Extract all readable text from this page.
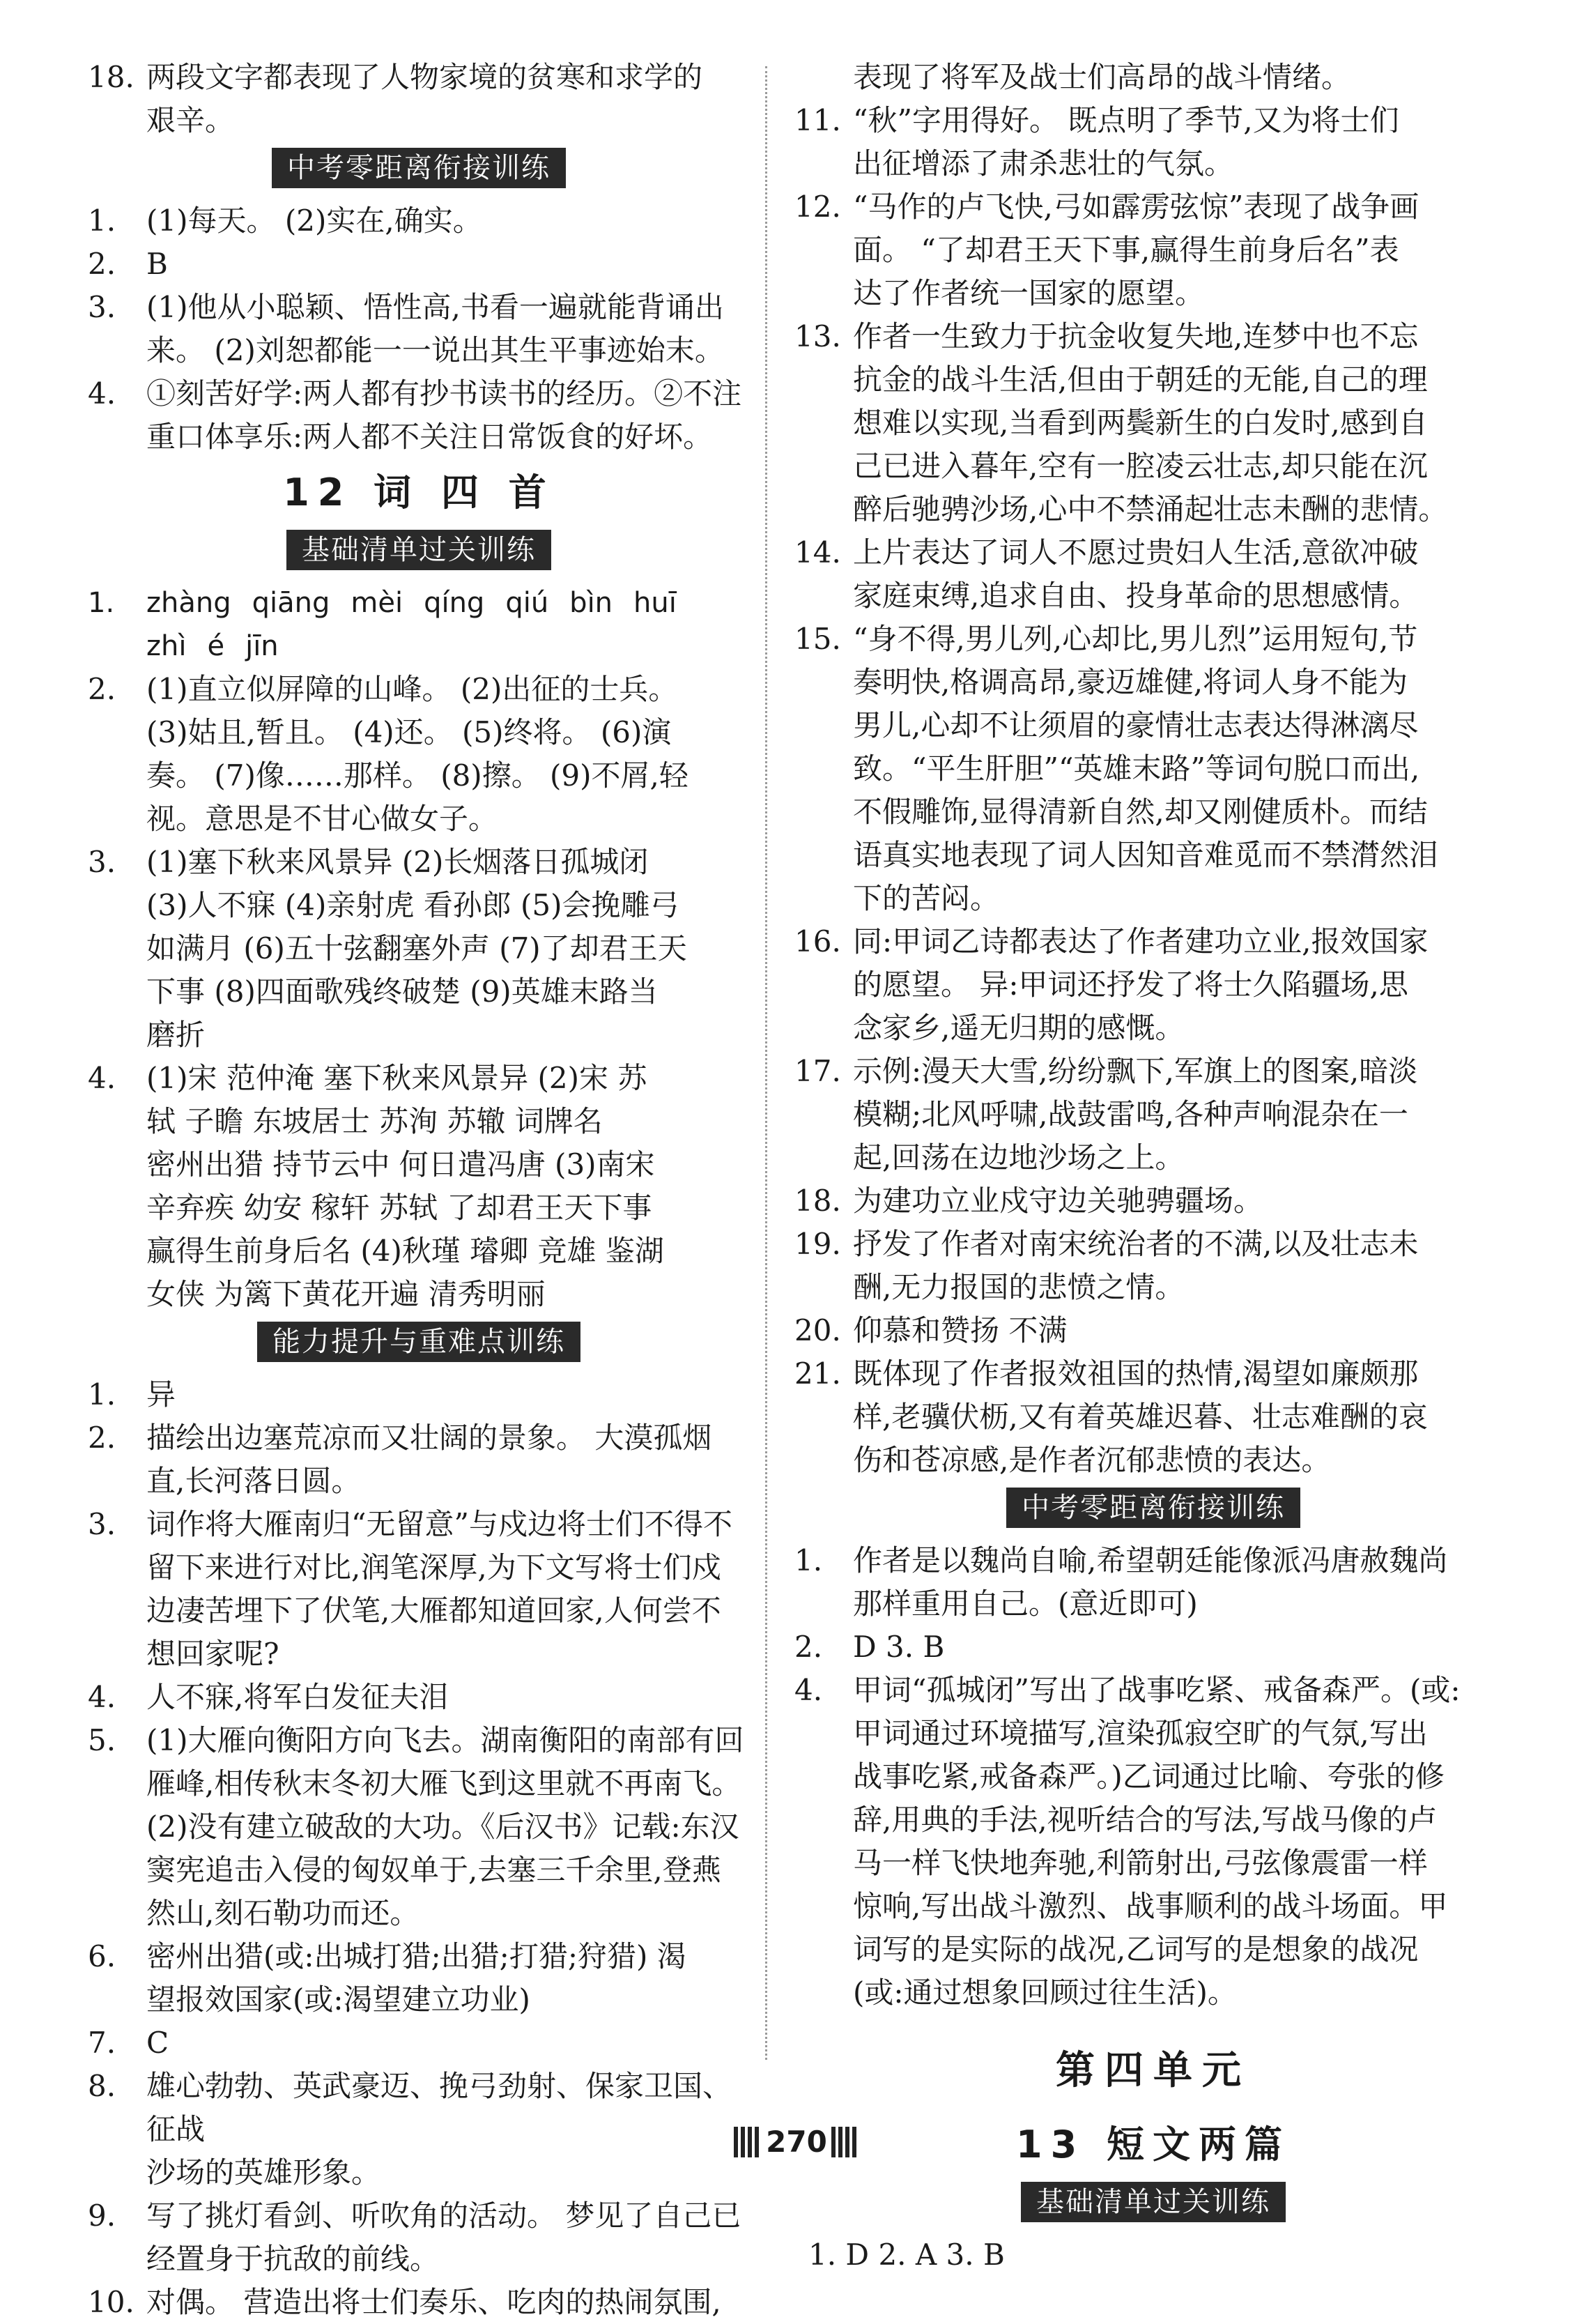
18. 两段文字都表现了人物家境的贫寒和求学的
艰辛。
中考零距离衔接训练
1. (1)每天。 (2)实在,确实。
2. B
3. (1)他从小聪颖、悟性高,书看一遍就能背诵出
来。 (2)刘恕都能一一说出其生平事迹始末。
4. ①刻苦好学:两人都有抄书读书的经历。②不注
重口体享乐:两人都不关注日常饭食的好坏。
12 词 四 首
基础清单过关训练
1. zhàng qiāng mèi qíng qiú bìn huī
zhì é jīn
2. (1)直立似屏障的山峰。 (2)出征的士兵。
(3)姑且,暂且。 (4)还。 (5)终将。 (6)演
奏。 (7)像……那样。 (8)擦。 (9)不屑,轻
视。意思是不甘心做女子。
3. (1)塞下秋来风景异 (2)长烟落日孤城闭
(3)人不寐 (4)亲射虎 看孙郎 (5)会挽雕弓
如满月 (6)五十弦翻塞外声 (7)了却君王天
下事 (8)四面歌残终破楚 (9)英雄末路当
磨折
4. (1)宋 范仲淹 塞下秋来风景异 (2)宋 苏
轼 子瞻 东坡居士 苏洵 苏辙 词牌名
密州出猎 持节云中 何日遣冯唐 (3)南宋
辛弃疾 幼安 稼轩 苏轼 了却君王天下事
赢得生前身后名 (4)秋瑾 璿卿 竞雄 鉴湖
女侠 为篱下黄花开遍 清秀明丽
能力提升与重难点训练
1. 异
2. 描绘出边塞荒凉而又壮阔的景象。 大漠孤烟
直,长河落日圆。
3. 词作将大雁南归“无留意”与戍边将士们不得不
留下来进行对比,润笔深厚,为下文写将士们戍
边凄苦埋下了伏笔,大雁都知道回家,人何尝不
想回家呢?
4. 人不寐,将军白发征夫泪
5. (1)大雁向衡阳方向飞去。湖南衡阳的南部有回
雁峰,相传秋末冬初大雁飞到这里就不再南飞。
(2)没有建立破敌的大功。《后汉书》记载:东汉
窦宪追击入侵的匈奴单于,去塞三千余里,登燕
然山,刻石勒功而还。
6. 密州出猎(或:出城打猎;出猎;打猎;狩猎) 渴
望报效国家(或:渴望建立功业)
7. C
8. 雄心勃勃、英武豪迈、挽弓劲射、保家卫国、征战
沙场的英雄形象。
9. 写了挑灯看剑、听吹角的活动。 梦见了自己已
经置身于抗敌的前线。
10. 对偶。 营造出将士们奏乐、吃肉的热闹氛围,
表现了将军及战士们高昂的战斗情绪。
11. “秋”字用得好。 既点明了季节,又为将士们
出征增添了肃杀悲壮的气氛。
12. “马作的卢飞快,弓如霹雳弦惊”表现了战争画
面。 “了却君王天下事,赢得生前身后名”表
达了作者统一国家的愿望。
13. 作者一生致力于抗金收复失地,连梦中也不忘
抗金的战斗生活,但由于朝廷的无能,自己的理
想难以实现,当看到两鬓新生的白发时,感到自
己已进入暮年,空有一腔凌云壮志,却只能在沉
醉后驰骋沙场,心中不禁涌起壮志未酬的悲情。
14. 上片表达了词人不愿过贵妇人生活,意欲冲破
家庭束缚,追求自由、投身革命的思想感情。
15. “身不得,男儿列,心却比,男儿烈”运用短句,节
奏明快,格调高昂,豪迈雄健,将词人身不能为
男儿,心却不让须眉的豪情壮志表达得淋漓尽
致。“平生肝胆”“英雄末路”等词句脱口而出,
不假雕饰,显得清新自然,却又刚健质朴。而结
语真实地表现了词人因知音难觅而不禁潸然泪
下的苦闷。
16. 同:甲词乙诗都表达了作者建功立业,报效国家
的愿望。 异:甲词还抒发了将士久陷疆场,思
念家乡,遥无归期的感慨。
17. 示例:漫天大雪,纷纷飘下,军旗上的图案,暗淡
模糊;北风呼啸,战鼓雷鸣,各种声响混杂在一
起,回荡在边地沙场之上。
18. 为建功立业戍守边关驰骋疆场。
19. 抒发了作者对南宋统治者的不满,以及壮志未
酬,无力报国的悲愤之情。
20. 仰慕和赞扬 不满
21. 既体现了作者报效祖国的热情,渴望如廉颇那
样,老骥伏枥,又有着英雄迟暮、壮志难酬的哀
伤和苍凉感,是作者沉郁悲愤的表达。
中考零距离衔接训练
1. 作者是以魏尚自喻,希望朝廷能像派冯唐赦魏尚
那样重用自己。(意近即可)
2. D 3. B
4. 甲词“孤城闭”写出了战事吃紧、戒备森严。(或:
甲词通过环境描写,渲染孤寂空旷的气氛,写出
战事吃紧,戒备森严。)乙词通过比喻、夸张的修
辞,用典的手法,视听结合的写法,写战马像的卢
马一样飞快地奔驰,利箭射出,弓弦像震雷一样
惊响,写出战斗激烈、战事顺利的战斗场面。甲
词写的是实际的战况,乙词写的是想象的战况
(或:通过想象回顾过往生活)。
第四单元
13 短文两篇
基础清单过关训练
1. D 2. A 3. B
270
